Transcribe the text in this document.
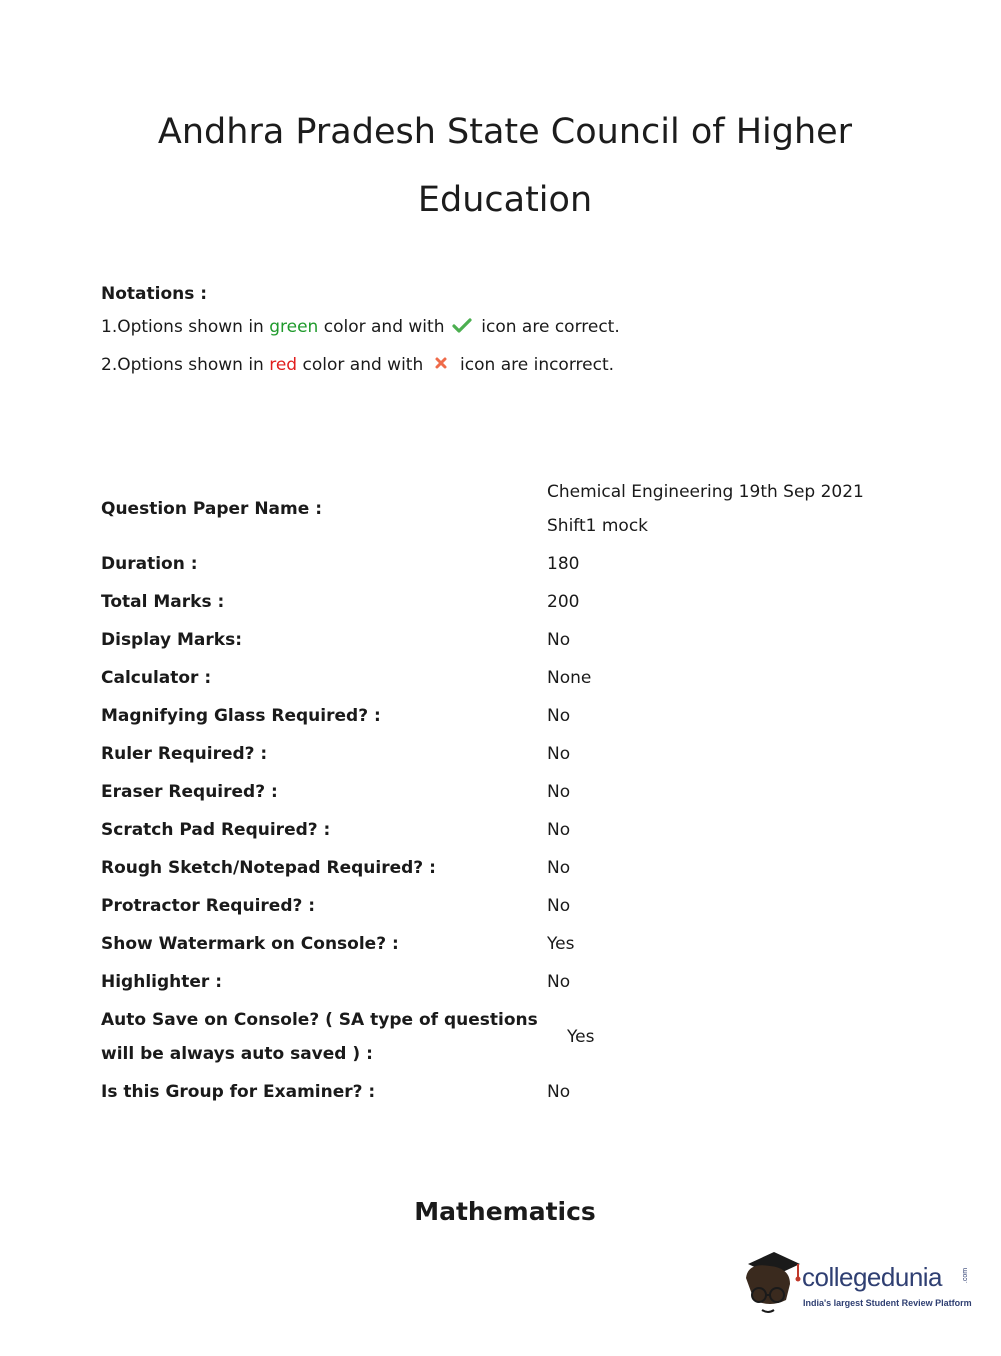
Andhra Pradesh State Council of Higher
Education
Notations :
1.Options shown in green color and with  icon are correct.
2.Options shown in red color and with  icon are incorrect.
Question Paper Name :
Chemical Engineering 19th Sep 2021 Shift1 mock
Duration :	180
Total Marks :	200
Display Marks:	No
Calculator :	None
Magnifying Glass Required? :	No
Ruler Required? :	No
Eraser Required? :	No
Scratch Pad Required? :	No
Rough Sketch/Notepad Required? :	No
Protractor Required? :	No
Show Watermark on Console? :	Yes
Highlighter :	No
Auto Save on Console? ( SA type of questions will be always auto saved ) :
Yes
Is this Group for Examiner? :	No
Mathematics
collegedunia	.com
India's largest Student Review Platform
